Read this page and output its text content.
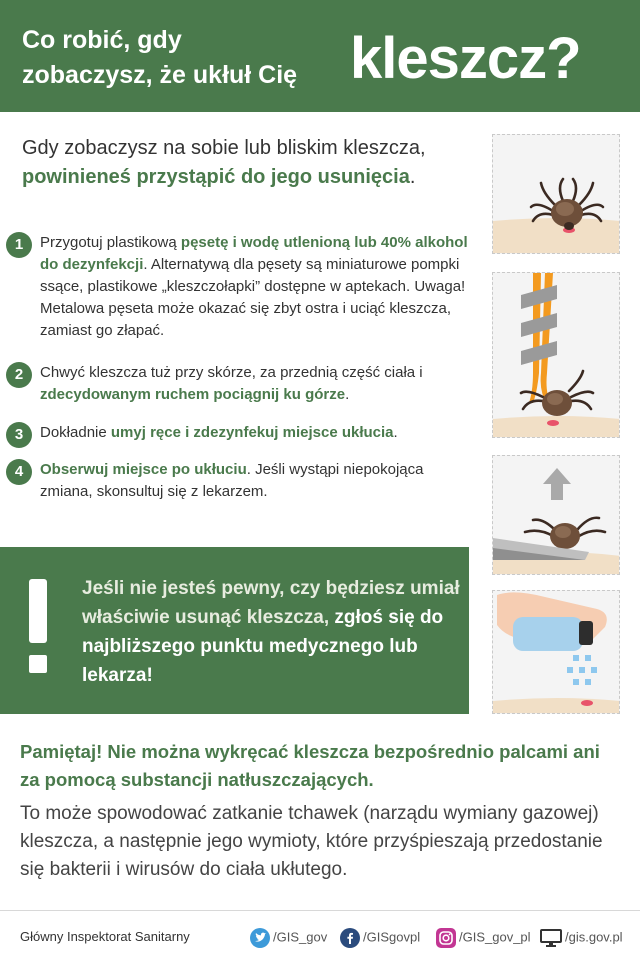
Co robić, gdy
zobaczysz, że ukłuł Cię kleszcz?

Gdy zobaczysz na sobie lub bliskim kleszcza,
powinieneś przystąpić do jego usunięcia.

1	Przygotuj plastikową pęsetę i wodę utlenioną lub 40% alkohol do dezynfekcji. Alternatywą dla pęsety są miniaturowe pompki ssące, plastikowe „kleszczołapki” dostępne w aptekach. Uwaga! Metalowa pęseta może okazać się zbyt ostra i uciąć kleszcza, zamiast go złapać.

2	Chwyć kleszcza tuż przy skórze, za przednią część ciała i zdecydowanym ruchem pociągnij ku górze.

3	Dokładnie umyj ręce i zdezynfekuj miejsce ukłucia.

4	Obserwuj miejsce po ukłuciu. Jeśli wystąpi niepokojąca zmiana, skonsultuj się z lekarzem.

Jeśli nie jesteś pewny, czy będziesz umiał właściwie usunąć kleszcza, zgłoś się do najbliższego punktu medycznego lub lekarza!

Pamiętaj! Nie można wykręcać kleszcza bezpośrednio palcami ani za pomocą substancji natłuszczających.

To może spowodować zatkanie tchawek (narządu wymiany gazowej) kleszcza, a następnie jego wymioty, które przyśpieszają przedostanie się bakterii i wirusów do ciała ukłutego.

Główny Inspektorat Sanitarny	/GIS_gov	/GISgovpl	/GIS_gov_pl	/gis.gov.pl
